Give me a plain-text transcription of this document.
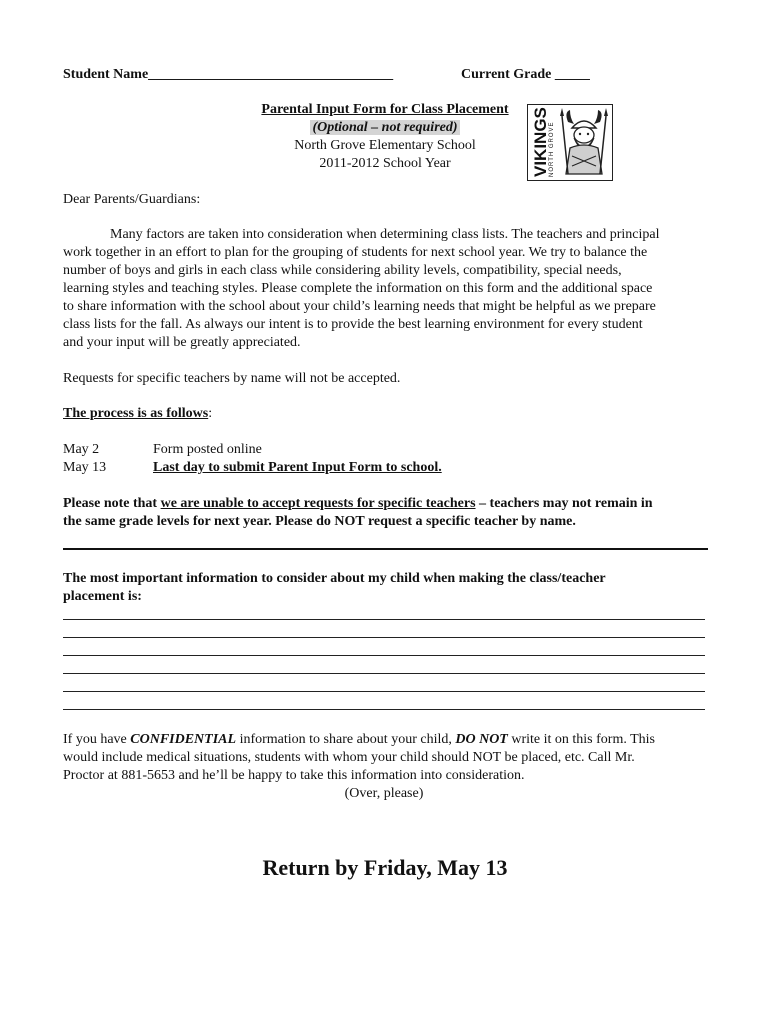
Student Name___________________________________	Current Grade _____
Parental Input Form for Class Placement
(Optional – not required)
North Grove Elementary School
2011-2012 School Year	VIKINGS NORTH GROVE
Dear Parents/Guardians:
Many factors are taken into consideration when determining class lists. The teachers and principal
work together in an effort to plan for the grouping of students for next school year. We try to balance the
number of boys and girls in each class while considering ability levels, compatibility, special needs,
learning styles and teaching styles. Please complete the information on this form and the additional space
to share information with the school about your child’s learning needs that might be helpful as we prepare
class lists for the fall. As always our intent is to provide the best learning environment for every student
and your input will be greatly appreciated.
Requests for specific teachers by name will not be accepted.
The process is as follows:
May 2	Form posted online
May 13	Last day to submit Parent Input Form to school.
Please note that we are unable to accept requests for specific teachers – teachers may not remain in
the same grade levels for next year. Please do NOT request a specific teacher by name.
The most important information to consider about my child when making the class/teacher
placement is:
If you have CONFIDENTIAL information to share about your child, DO NOT write it on this form. This
would include medical situations, students with whom your child should NOT be placed, etc. Call Mr.
Proctor at 881-5653 and he’ll be happy to take this information into consideration.
(Over, please)
Return by Friday, May 13
